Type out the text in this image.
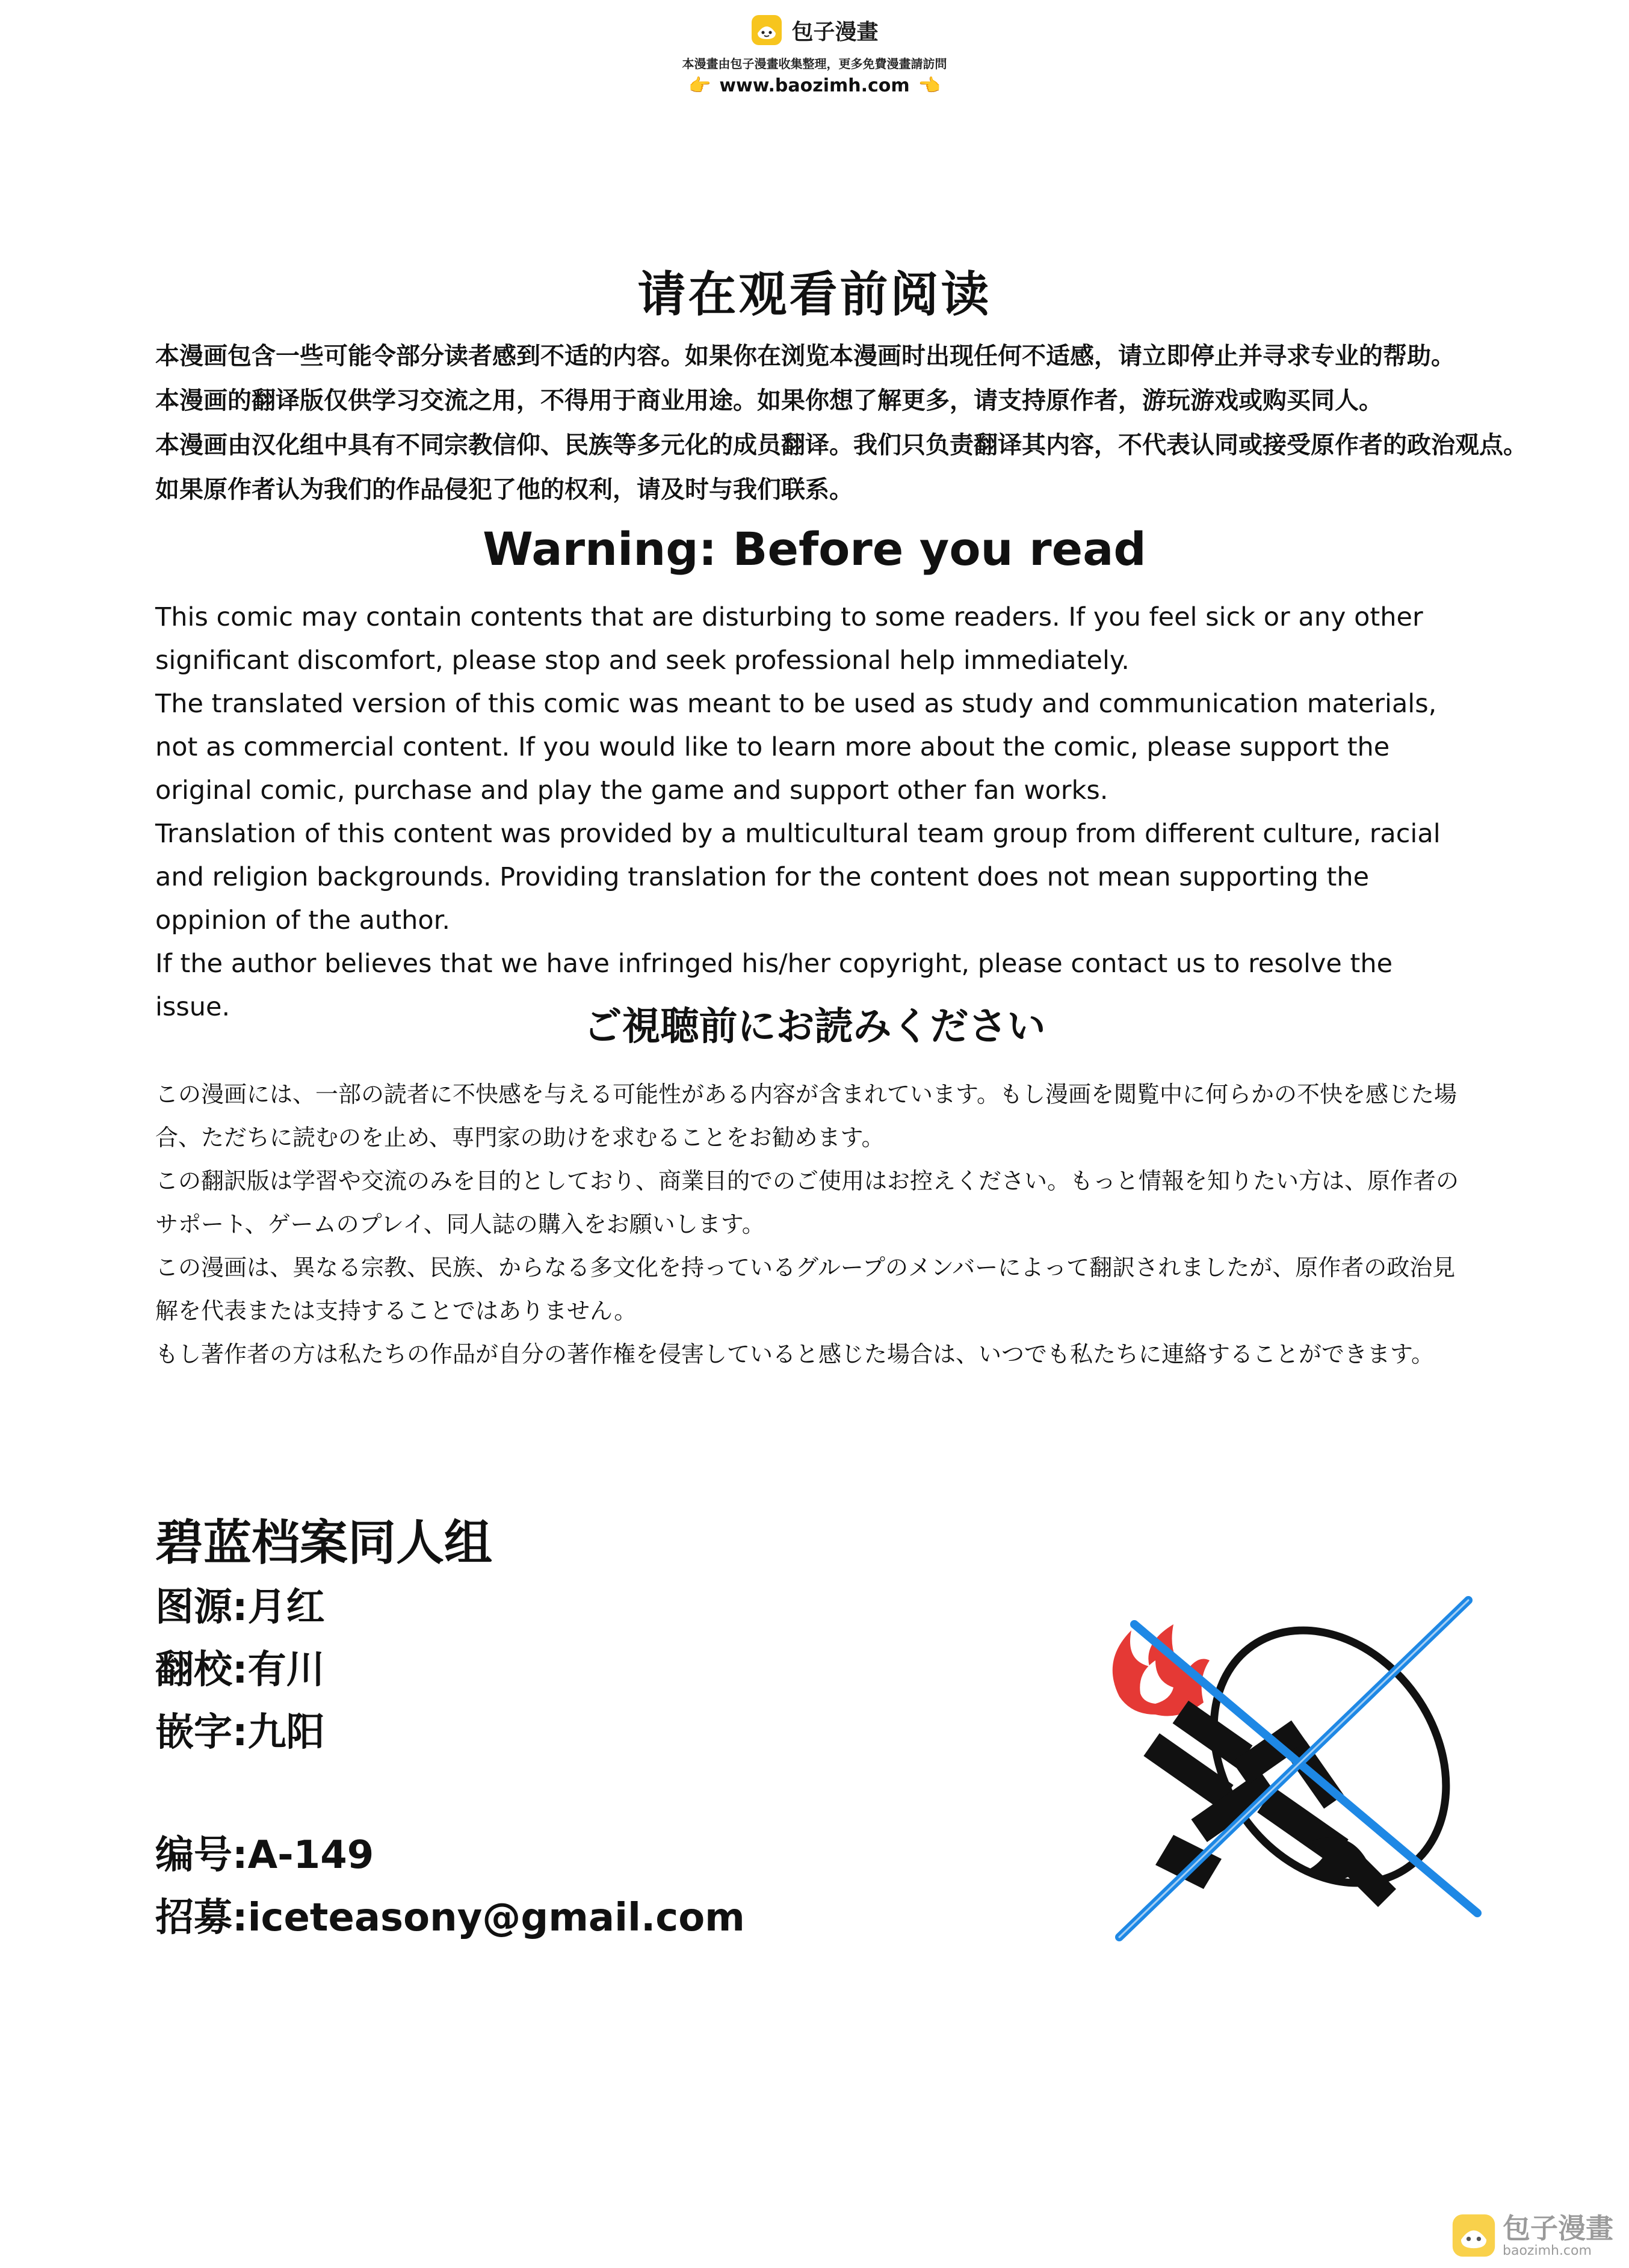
包子漫畫
本漫畫由包子漫畫收集整理，更多免費漫畫請訪問
👉 www.baozimh.com 👈
请在观看前阅读
本漫画包含一些可能令部分读者感到不适的内容。如果你在浏览本漫画时出现任何不适感，请立即停止并寻求专业的帮助。
本漫画的翻译版仅供学习交流之用，不得用于商业用途。如果你想了解更多，请支持原作者，游玩游戏或购买同人。
本漫画由汉化组中具有不同宗教信仰、民族等多元化的成员翻译。我们只负责翻译其内容，不代表认同或接受原作者的政治观点。
如果原作者认为我们的作品侵犯了他的权利，请及时与我们联系。
Warning: Before you read
This comic may contain contents that are disturbing to some readers. If you feel sick or any other significant discomfort, please stop and seek professional help immediately.
The translated version of this comic was meant to be used as study and communication materials, not as commercial content. If you would like to learn more about the comic, please support the original comic, purchase and play the game and support other fan works.
Translation of this content was provided by a multicultural team group from different culture, racial and religion backgrounds. Providing translation for the content does not mean supporting the oppinion of the author.
If the author believes that we have infringed his/her copyright, please contact us to resolve the issue.	ご視聴前にお読みください
この漫画には、一部の読者に不快感を与える可能性がある内容が含まれています。もし漫画を閲覧中に何らかの不快を感じた場合、ただちに読むのを止め、専門家の助けを求むることをお勧めます。
この翻訳版は学習や交流のみを目的としており、商業目的でのご使用はお控えください。もっと情報を知りたい方は、原作者のサポート、ゲームのプレイ、同人誌の購入をお願いします。
この漫画は、異なる宗教、民族、からなる多文化を持っているグループのメンバーによって翻訳されましたが、原作者の政治見解を代表または支持することではありません。
もし著作者の方は私たちの作品が自分の著作権を侵害していると感じた場合は、いつでも私たちに連絡することができます。
碧蓝档案同人组
图源:月红
翻校:有川
嵌字:九阳
编号:A-149
招募:iceteasony@gmail.com
包子漫畫
baozimh.com
